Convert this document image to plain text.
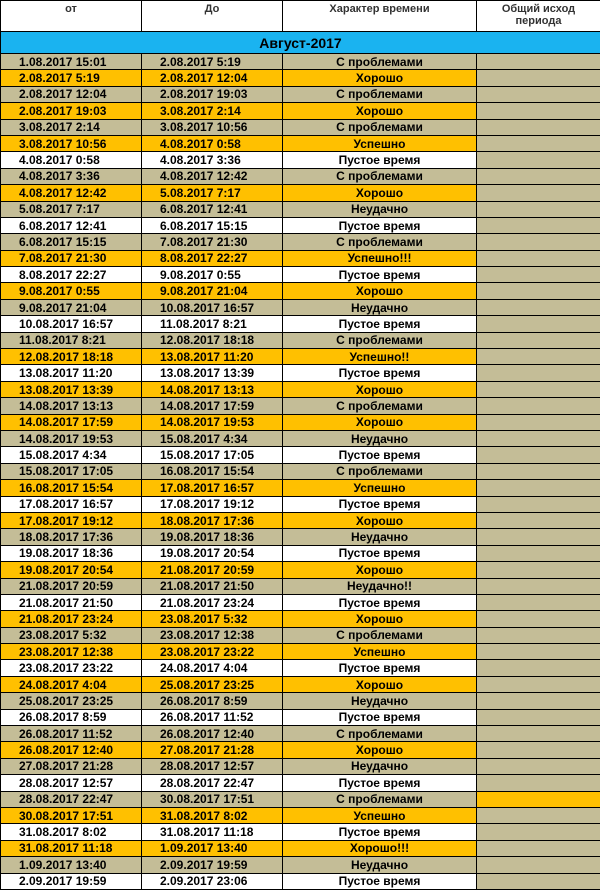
от	До	Характер времени	Общий исход периода
Август-2017			
1.08.2017 15:01	2.08.2017 5:19	С проблемами	
2.08.2017 5:19	2.08.2017 12:04	Хорошо	
2.08.2017 12:04	2.08.2017 19:03	С проблемами	
2.08.2017 19:03	3.08.2017 2:14	Хорошо	
3.08.2017 2:14	3.08.2017 10:56	С проблемами	
3.08.2017 10:56	4.08.2017 0:58	Успешно	
4.08.2017 0:58	4.08.2017 3:36	Пустое время	
4.08.2017 3:36	4.08.2017 12:42	С проблемами	
4.08.2017 12:42	5.08.2017 7:17	Хорошо	
5.08.2017 7:17	6.08.2017 12:41	Неудачно	
6.08.2017 12:41	6.08.2017 15:15	Пустое время	
6.08.2017 15:15	7.08.2017 21:30	С проблемами	
7.08.2017 21:30	8.08.2017 22:27	Успешно!!!	
8.08.2017 22:27	9.08.2017 0:55	Пустое время	
9.08.2017 0:55	9.08.2017 21:04	Хорошо	
9.08.2017 21:04	10.08.2017 16:57	Неудачно	
10.08.2017 16:57	11.08.2017 8:21	Пустое время	
11.08.2017 8:21	12.08.2017 18:18	С проблемами	
12.08.2017 18:18	13.08.2017 11:20	Успешно!!	
13.08.2017 11:20	13.08.2017 13:39	Пустое время	
13.08.2017 13:39	14.08.2017 13:13	Хорошо	
14.08.2017 13:13	14.08.2017 17:59	С проблемами	
14.08.2017 17:59	14.08.2017 19:53	Хорошо	
14.08.2017 19:53	15.08.2017 4:34	Неудачно	
15.08.2017 4:34	15.08.2017 17:05	Пустое время	
15.08.2017 17:05	16.08.2017 15:54	С проблемами	
16.08.2017 15:54	17.08.2017 16:57	Успешно	
17.08.2017 16:57	17.08.2017 19:12	Пустое время	
17.08.2017 19:12	18.08.2017 17:36	Хорошо	
18.08.2017 17:36	19.08.2017 18:36	Неудачно	
19.08.2017 18:36	19.08.2017 20:54	Пустое время	
19.08.2017 20:54	21.08.2017 20:59	Хорошо	
21.08.2017 20:59	21.08.2017 21:50	Неудачно!!	
21.08.2017 21:50	21.08.2017 23:24	Пустое время	
21.08.2017 23:24	23.08.2017 5:32	Хорошо	
23.08.2017 5:32	23.08.2017 12:38	С проблемами	
23.08.2017 12:38	23.08.2017 23:22	Успешно	
23.08.2017 23:22	24.08.2017 4:04	Пустое время	
24.08.2017 4:04	25.08.2017 23:25	Хорошо	
25.08.2017 23:25	26.08.2017 8:59	Неудачно	
26.08.2017 8:59	26.08.2017 11:52	Пустое время	
26.08.2017 11:52	26.08.2017 12:40	С проблемами	
26.08.2017 12:40	27.08.2017 21:28	Хорошо	
27.08.2017 21:28	28.08.2017 12:57	Неудачно	
28.08.2017 12:57	28.08.2017 22:47	Пустое время	
28.08.2017 22:47	30.08.2017 17:51	С проблемами	
30.08.2017 17:51	31.08.2017 8:02	Успешно	
31.08.2017 8:02	31.08.2017 11:18	Пустое время	
31.08.2017 11:18	1.09.2017 13:40	Хорошо!!!	
1.09.2017 13:40	2.09.2017 19:59	Неудачно	
2.09.2017 19:59	2.09.2017 23:06	Пустое время	
